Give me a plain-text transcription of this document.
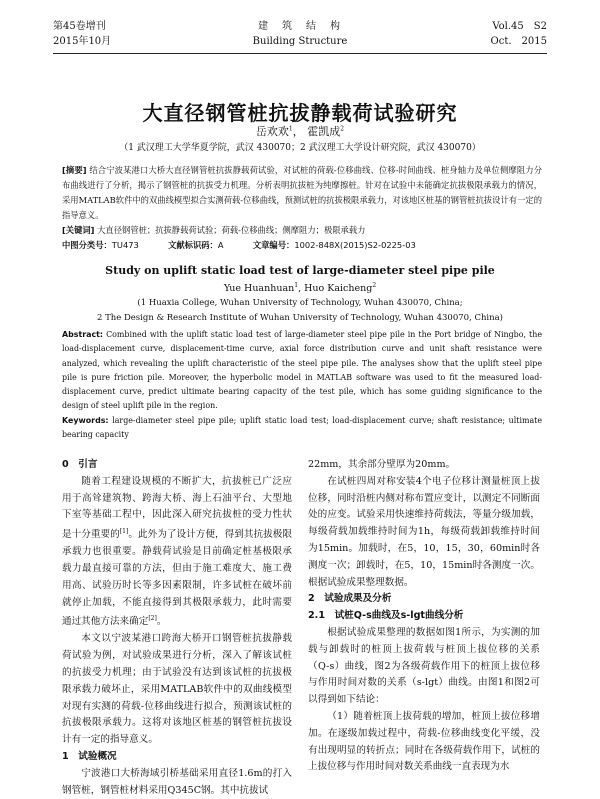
第45卷增刊
2015年10月
建　筑　结　构
Building Structure
Vol.45　S2
Oct.　2015
大直径钢管桩抗拔静载荷试验研究
岳欢欢$^1$， 霍凯成$^2$
（1 武汉理工大学华夏学院，武汉 430070；2 武汉理工大学设计研究院，武汉 430070）
[摘要] 结合宁波某港口大桥大直径钢管桩抗拔静载荷试验，对试桩的荷载-位移曲线、位移-时间曲线、桩身轴力及单位侧摩阻力分布曲线进行了分析，揭示了钢管桩的抗拔受力机理。分析表明抗拔桩为纯摩擦桩。针对在试验中未能确定抗拔极限承载力的情况，采用MATLAB软件中的双曲线模型拟合实测荷载-位移曲线，预测试桩的抗拔极限承载力，对该地区桩基的钢管桩抗拔设计有一定的指导意义。
[关键词] 大直径钢管桩；抗拔静载荷试验；荷载-位移曲线；侧摩阻力；极限承载力
中图分类号：TU473	文献标识码：A	文章编号：1002-848X(2015)S2-0225-03
Study on uplift static load test of large-diameter steel pipe pile
Yue Huanhuan$^1$, Huo Kaicheng$^2$
(1 Huaxia College, Wuhan University of Technology, Wuhan 430070, China;
2 The Design & Research Institute of Wuhan University of Technology, Wuhan 430070, China)
Abstract: Combined with the uplift static load test of large-diameter steel pipe pile in the Port bridge of Ningbo, the load-displacement curve, displacement-time curve, axial force distribution curve and unit shaft resistance were analyzed, which revealing the uplift characteristic of the steel pipe pile. The analyses show that the uplift steel pipe pile is pure friction pile. Moreover, the hyperbolic model in MATLAB software was used to fit the measured load-displacement curve, predict ultimate bearing capacity of the test pile, which has some guiding significance to the design of steel uplift pile in the region.
Keywords: large-diameter steel pipe pile; uplift static load test; load-displacement curve; shaft resistance; ultimate bearing capacity

0　引言

随着工程建设规模的不断扩大，抗拔桩已广泛应用于高耸建筑物、跨海大桥、海上石油平台、大型地下室等基础工程中，因此深入研究抗拔桩的受力性状是十分重要的[1]。此外为了设计方便，得到其抗拔极限承载力也很重要。静载荷试验是目前确定桩基极限承载力最直接可靠的方法，但由于施工难度大、施工费用高、试验历时长等多因素限制，许多试桩在破坏前就停止加载，不能直接得到其极限承载力，此时需要通过其他方法来确定[2]。

本文以宁波某港口跨海大桥开口钢管桩抗拔静载荷试验为例，对试验成果进行分析，深入了解该试桩的抗拔受力机理；由于试验没有达到该试桩的抗拔极限承载力破坏止，采用MATLAB软件中的双曲线模型对现有实测的荷载-位移曲线进行拟合，预测该试桩的抗拔极限承载力。这将对该地区桩基的钢管桩抗拔设计有一定的指导意义。

1　试验概况

宁波港口大桥海域引桥基础采用直径1.6m的打入钢管桩，钢管桩材料采用Q345C钢。其中抗拔试

22mm，其余部分壁厚为20mm。

在试桩四周对称安装4个电子位移计测量桩顶上拔位移，同时沿桩内侧对称布置应变计，以测定不同断面处的应变。试验采用快速维持荷载法，等量分级加载，每级荷载加载维持时间为1h，每级荷载卸载维持时间为15min。加载时，在5，10，15，30，60min时各测度一次；卸载时，在5，10，15min时各测度一次。根据试验成果整理数据。

2　试验成果及分析

2.1　试桩Q-s曲线及s-lgt曲线分析

根据试验成果整理的数据如图1所示，为实测的加载与卸载时的桩顶上拔荷载与桩顶上拔位移的关系（Q-s）曲线，图2为各级荷载作用下的桩顶上拔位移与作用时间对数的关系（s-lgt）曲线。由图1和图2可以得到如下结论：

（1）随着桩顶上拔荷载的增加，桩顶上拔位移增加。在逐级加载过程中，荷载-位移曲线变化平缓，没有出现明显的转折点；同时在各级荷载作用下，试桩的上拔位移与作用时间对数关系曲线一直表现为水
